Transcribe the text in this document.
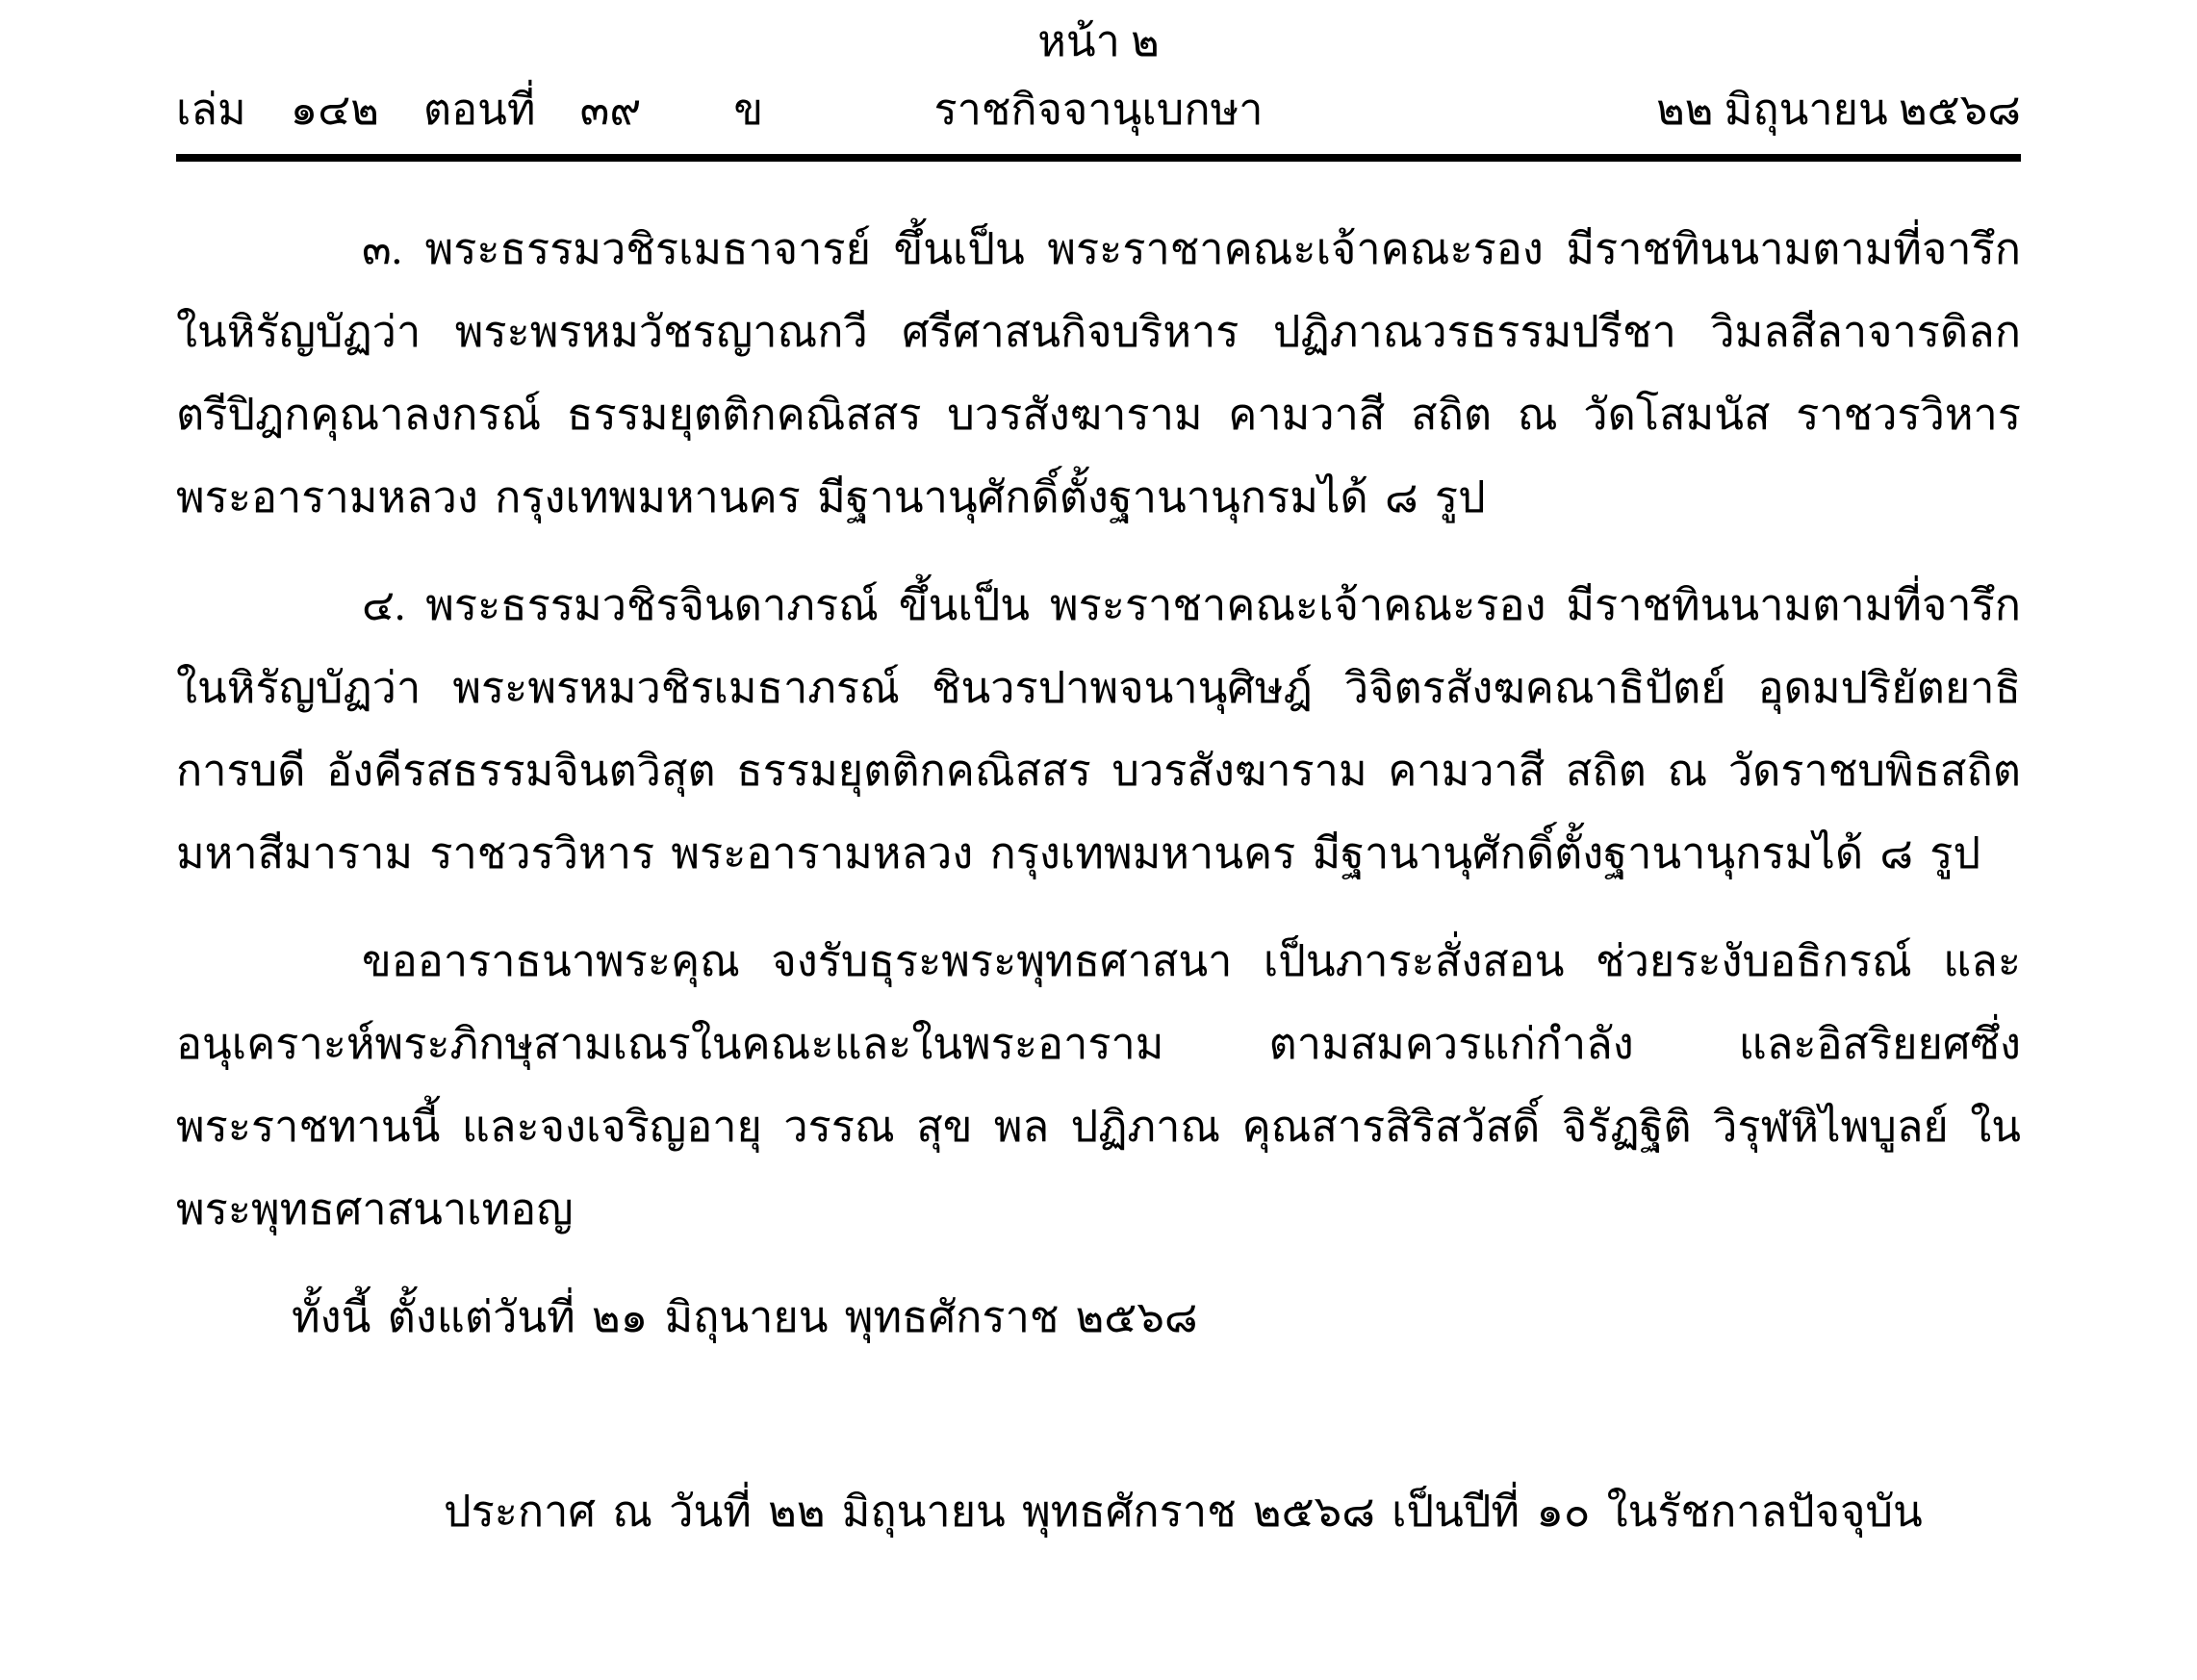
หน้า ๒
เล่ม ๑๔๒ ตอนที่ ๓๙ ข	ราชกิจจานุเบกษา	๒๒ มิถุนายน ๒๕๖๘

๓. พระธรรมวชิรเมธาจารย์ ขึ้นเป็น พระราชาคณะเจ้าคณะรอง มีราชทินนามตามที่จารึก ในหิรัญบัฏว่า พระพรหมวัชรญาณกวี ศรีศาสนกิจบริหาร ปฏิภาณวรธรรมปรีชา วิมลสีลาจารดิลก ตรีปิฎกคุณาลงกรณ์ ธรรมยุตติกคณิสสร บวรสังฆาราม คามวาสี สถิต ณ วัดโสมนัส ราชวรวิหาร พระอารามหลวง กรุงเทพมหานคร มีฐานานุศักดิ์ตั้งฐานานุกรมได้ ๘ รูป

๔. พระธรรมวชิรจินดาภรณ์ ขึ้นเป็น พระราชาคณะเจ้าคณะรอง มีราชทินนามตามที่จารึก ในหิรัญบัฏว่า พระพรหมวชิรเมธาภรณ์ ชินวรปาพจนานุศิษฎ์ วิจิตรสังฆคณาธิปัตย์ อุดมปริยัตยาธิการบดี อังคีรสธรรมจินตวิสุต ธรรมยุตติกคณิสสร บวรสังฆาราม คามวาสี สถิต ณ วัดราชบพิธสถิตมหาสีมาราม ราชวรวิหาร พระอารามหลวง กรุงเทพมหานคร มีฐานานุศักดิ์ตั้งฐานานุกรมได้ ๘ รูป

ขออาราธนาพระคุณ จงรับธุระพระพุทธศาสนา เป็นภาระสั่งสอน ช่วยระงับอธิกรณ์ และอนุเคราะห์พระภิกษุสามเณรในคณะและในพระอาราม ตามสมควรแก่กำลัง และอิสริยยศซึ่งพระราชทานนี้ และจงเจริญอายุ วรรณ สุข พล ปฏิภาณ คุณสารสิริสวัสดิ์ จิรัฏฐิติ วิรุฬหิไพบูลย์ ในพระพุทธศาสนาเทอญ

ทั้งนี้ ตั้งแต่วันที่ ๒๑ มิถุนายน พุทธศักราช ๒๕๖๘

ประกาศ ณ วันที่ ๒๒ มิถุนายน พุทธศักราช ๒๕๖๘ เป็นปีที่ ๑๐ ในรัชกาลปัจจุบัน
